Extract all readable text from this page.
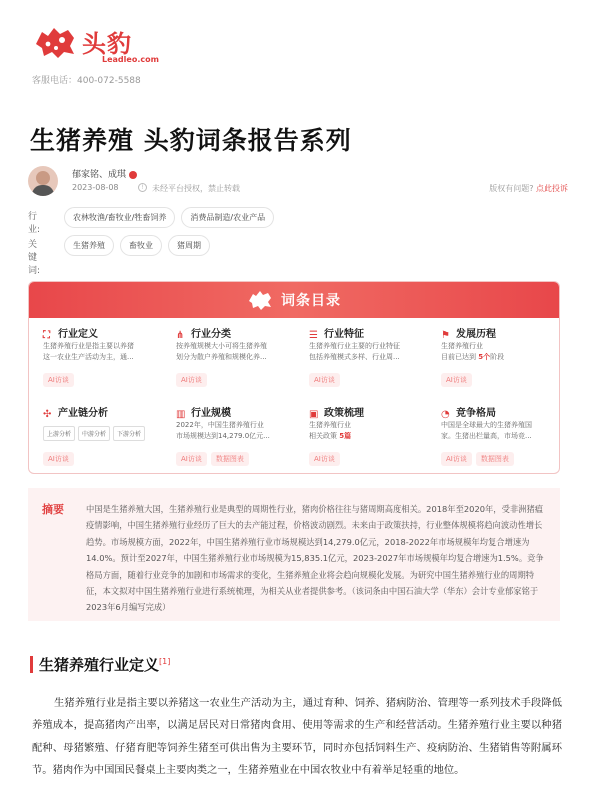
头豹
Leadleo.com
客服电话：400-072-5588
生猪养殖 头豹词条报告系列
郁家铭、成琪
2023-08-08	!	未经平台授权，禁止转载	版权有问题? 点此投诉
行业:
农林牧渔/畜牧业/牲畜饲养	消费品制造/农业产品
关键词:
生猪养殖	畜牧业	猪周期
词条目录
⛶ 行业定义
生猪养殖行业是指主要以养猪
这一农业生产活动为主，通...
AI访谈
⋔ 行业分类
按养殖规模大小可将生猪养殖
划分为散户养殖和规模化养...
AI访谈
☰ 行业特征
生猪养殖行业主要的行业特征
包括养殖模式多样、行业周...
AI访谈
⚑ 发展历程
生猪养殖行业
目前已达到 5个阶段
AI访谈
✣ 产业链分析
上游分析 中游分析 下游分析
AI访谈
▥ 行业规模
2022年，中国生猪养殖行业
市场规模达到14,279.0亿元...
AI访谈 数据图表
▣ 政策梳理
生猪养殖行业
相关政策 5篇
AI访谈
◔ 竞争格局
中国是全球最大的生猪养殖国
家。生猪出栏量高，市场竞...
AI访谈 数据图表
摘要	中国是生猪养殖大国，生猪养殖行业是典型的周期性行业，猪肉价格往往与猪周期高度相关。2018年至2020年，受非洲猪瘟疫情影响，中国生猪养殖行业经历了巨大的去产能过程，价格波动剧烈。未来由于政策扶持，行业整体规模将趋向波动性增长趋势。市场规模方面，2022年，中国生猪养殖行业市场规模达到14,279.0亿元，2018-2022年市场规模年均复合增速为14.0%。预计至2027年，中国生猪养殖行业市场规模为15,835.1亿元，2023-2027年市场规模年均复合增速为1.5%。竞争格局方面，随着行业竞争的加剧和市场需求的变化，生猪养殖企业将会趋向规模化发展。为研究中国生猪养殖行业的周期特征，本文拟对中国生猪养殖行业进行系统梳理，为相关从业者提供参考。（该词条由中国石油大学（华东）会计专业郁家铭于2023年6月编写完成）

生猪养殖行业定义[1]

生猪养殖行业是指主要以养猪这一农业生产活动为主，通过育种、饲养、猪病防治、管理等一系列技术手段降低养殖成本，提高猪肉产出率，以满足居民对日常猪肉食用、使用等需求的生产和经营活动。生猪养殖行业主要以种猪配种、母猪繁殖、仔猪育肥等饲养生猪至可供出售为主要环节，同时亦包括饲料生产、疫病防治、生猪销售等附属环节。猪肉作为中国国民餐桌上主要肉类之一，生猪养殖业在中国农牧业中有着举足轻重的地位。
